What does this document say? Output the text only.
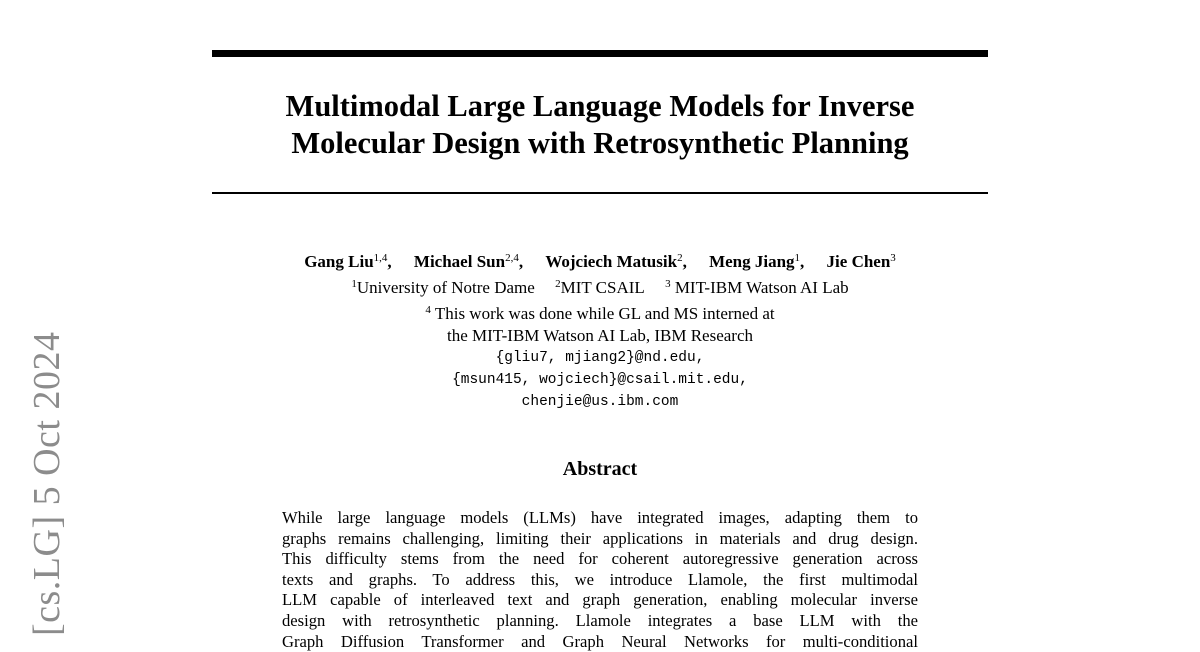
[cs.LG] 5 Oct 2024
Multimodal Large Language Models for Inverse
Molecular Design with Retrosynthetic Planning
Gang Liu$^{1,4}$, Michael Sun$^{2,4}$, Wojciech Matusik$^2$, Meng Jiang$^1$, Jie Chen$^3$
$^1$University of Notre Dame $^2$MIT CSAIL $^3$ MIT-IBM Watson AI Lab
$^4$ This work was done while GL and MS interned at
the MIT-IBM Watson AI Lab, IBM Research
{gliu7, mjiang2}@nd.edu,
{msun415, wojciech}@csail.mit.edu,
chenjie@us.ibm.com
Abstract
While large language models (LLMs) have integrated images, adapting them to
graphs remains challenging, limiting their applications in materials and drug design.
This difficulty stems from the need for coherent autoregressive generation across
texts and graphs. To address this, we introduce Llamole, the first multimodal
LLM capable of interleaved text and graph generation, enabling molecular inverse
design with retrosynthetic planning. Llamole integrates a base LLM with the
Graph Diffusion Transformer and Graph Neural Networks for multi-conditional
